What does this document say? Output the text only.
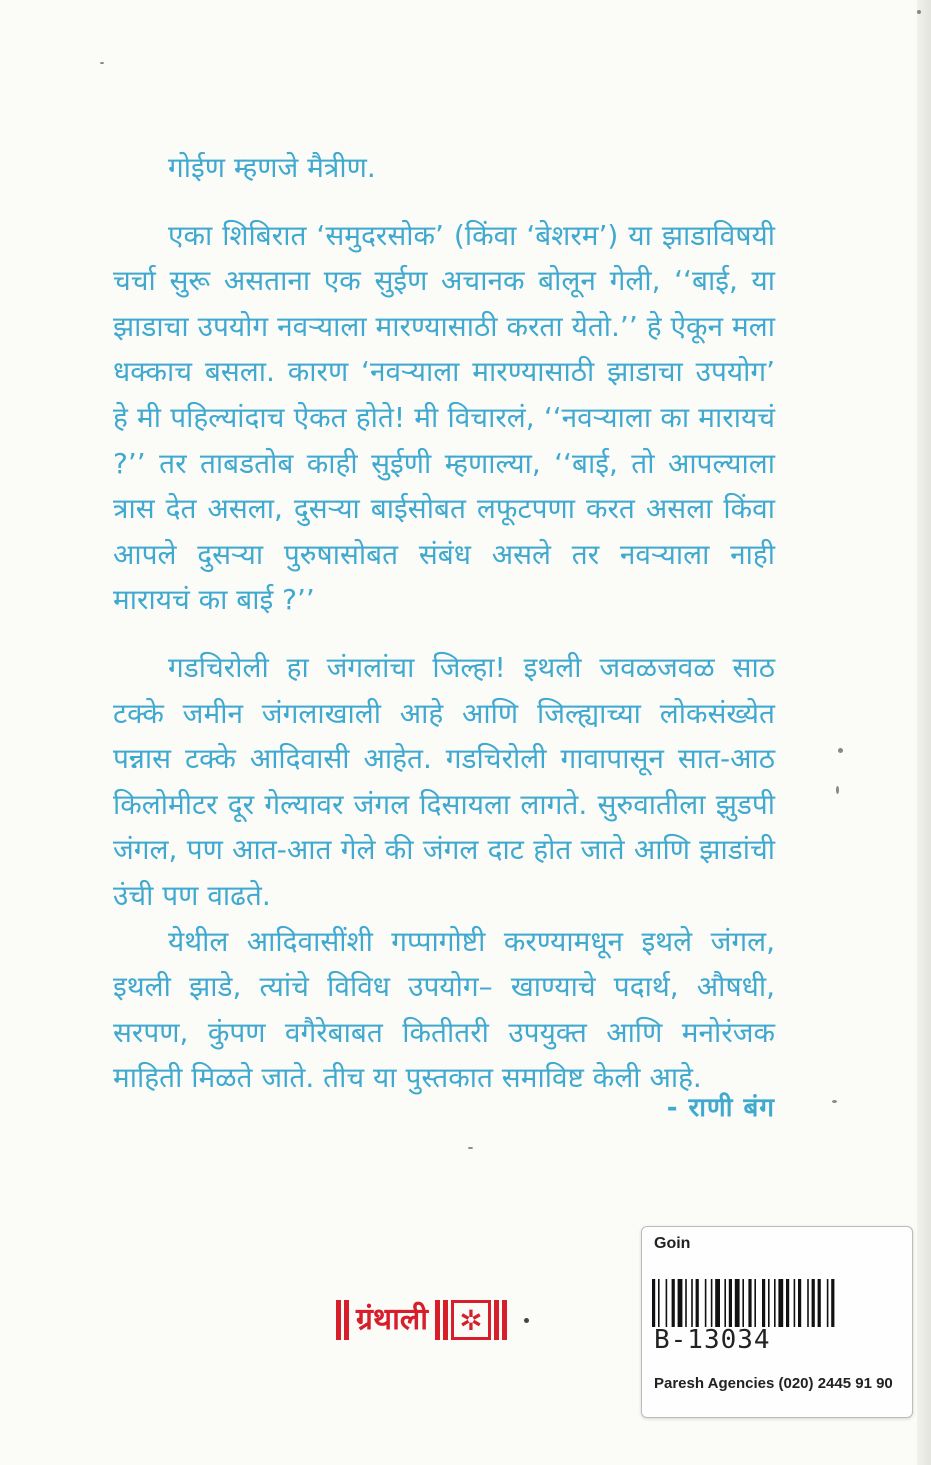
गोईण म्हणजे मैत्रीण.

एका शिबिरात ‘समुदरसोक’ (किंवा ‘बेशरम’) या झाडाविषयी चर्चा सुरू असताना एक सुईण अचानक बोलून गेली, ‘‘बाई, या झाडाचा उपयोग नवऱ्याला मारण्यासाठी करता येतो.’’ हे ऐकून मला धक्काच बसला. कारण ‘नवऱ्याला मारण्यासाठी झाडाचा उपयोग’ हे मी पहिल्यांदाच ऐकत होते! मी विचारलं, ‘‘नवऱ्याला का मारायचं ?’’ तर ताबडतोब काही सुईणी म्हणाल्या, ‘‘बाई, तो आपल्याला त्रास देत असला, दुसऱ्या बाईसोबत लफूटपणा करत असला किंवा आपले दुसऱ्या पुरुषासोबत संबंध असले तर नवऱ्याला नाही मारायचं का बाई ?’’

गडचिरोली हा जंगलांचा जिल्हा! इथली जवळजवळ साठ टक्के जमीन जंगलाखाली आहे आणि जिल्ह्याच्या लोकसंख्येत पन्नास टक्के आदिवासी आहेत. गडचिरोली गावापासून सात-आठ किलोमीटर दूर गेल्यावर जंगल दिसायला लागते. सुरुवातीला झुडपी जंगल, पण आत-आत गेले की जंगल दाट होत जाते आणि झाडांची उंची पण वाढते.

येथील आदिवासींशी गप्पागोष्टी करण्यामधून इथले जंगल, इथली झाडे, त्यांचे विविध उपयोग– खाण्याचे पदार्थ, औषधी, सरपण, कुंपण वगैरेबाबत कितीतरी उपयुक्त आणि मनोरंजक माहिती मिळते जाते. तीच या पुस्तकात समाविष्ट केली आहे.

- राणी बंग
ग्रंथाली ✲
Goin
B-13034
Paresh Agencies (020) 2445 91 90
